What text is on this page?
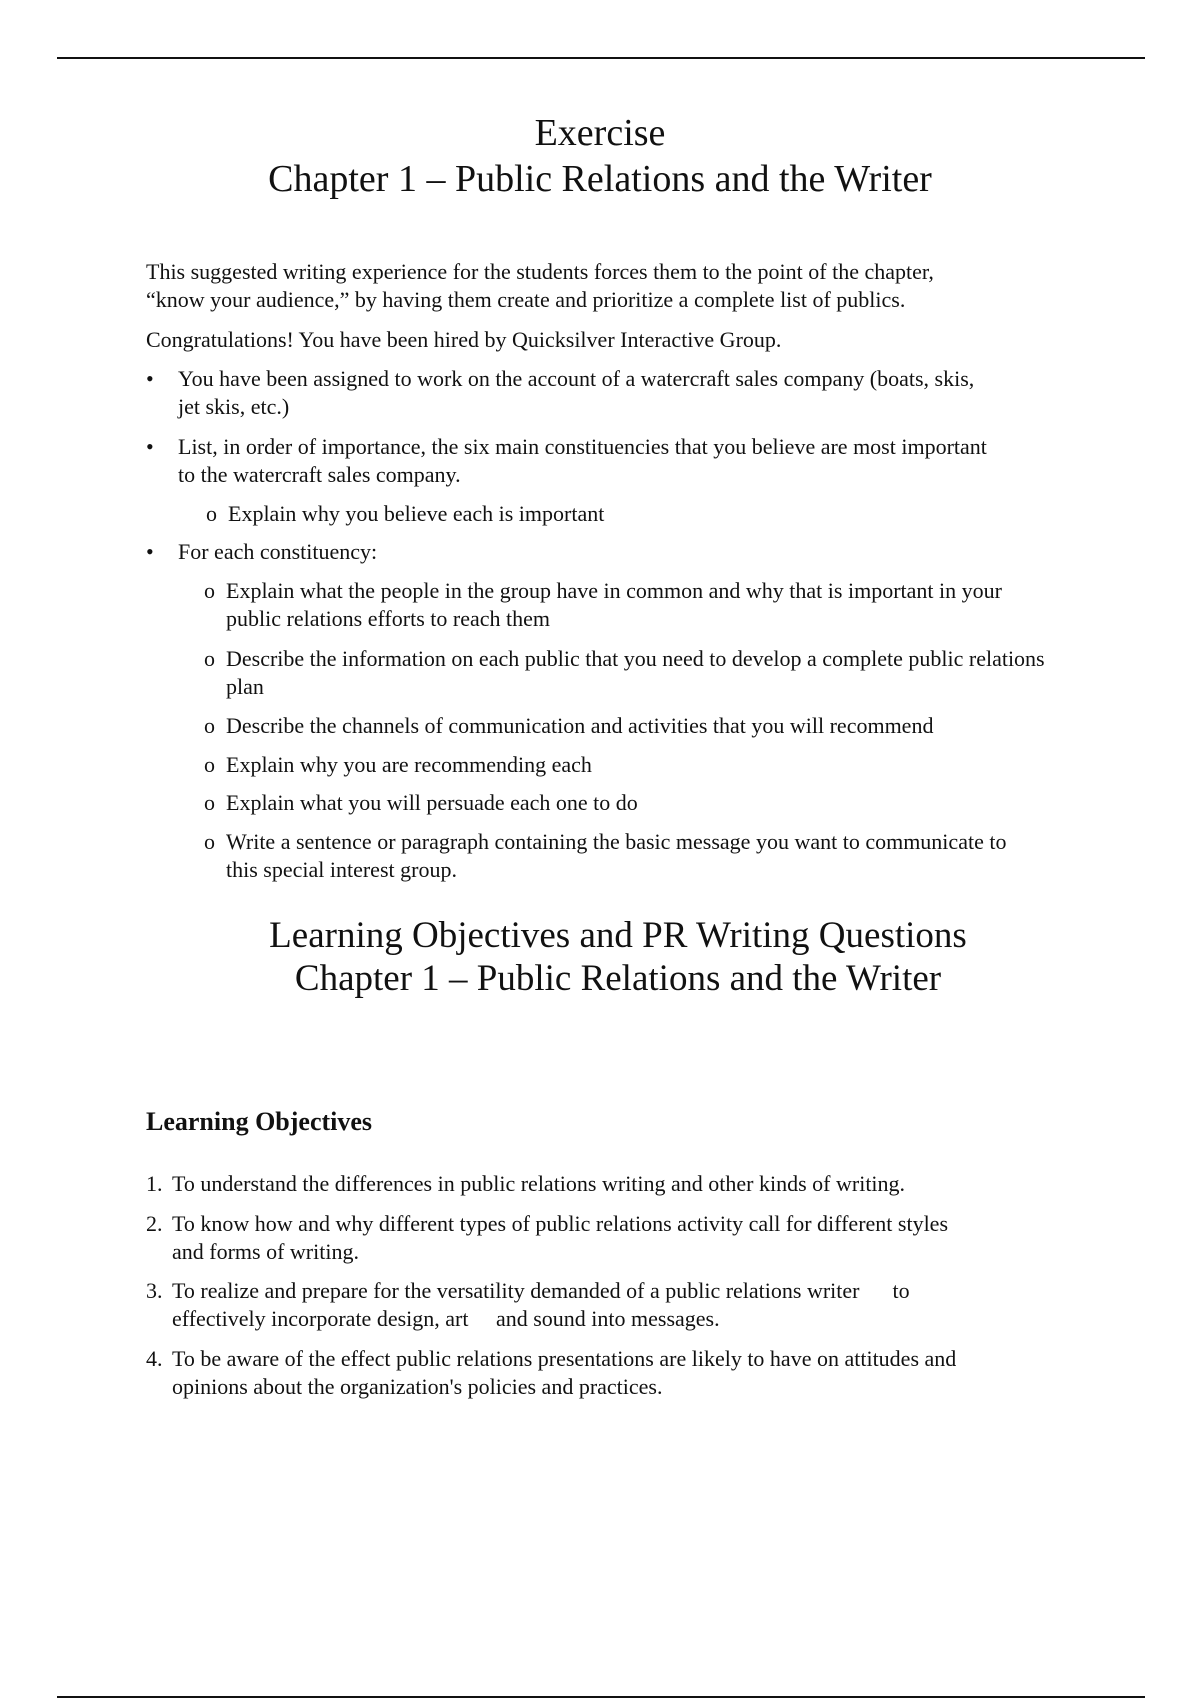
Exercise
Chapter 1 – Public Relations and the Writer

This suggested writing experience for the students forces them to the point of the chapter,

“know your audience,” by having them create and prioritize a complete list of publics.

Congratulations! You have been hired by Quicksilver Interactive Group.

•	You have been assigned to work on the account of a watercraft sales company (boats, skis,
jet skis, etc.)
•	List, in order of importance, the six main constituencies that you believe are most important
to the watercraft sales company.
o Explain why you believe each is important
•	For each constituency:
o Explain what the people in the group have in common and why that is important in your
public relations efforts to reach them
o Describe the information on each public that you need to develop a complete public relations
plan
o Describe the channels of communication and activities that you will recommend
o Explain why you are recommending each
o Explain what you will persuade each one to do
o Write a sentence or paragraph containing the basic message you want to communicate to
this special interest group.
Learning Objectives and PR Writing Questions
Chapter 1 – Public Relations and the Writer
Learning Objectives
1. To understand the differences in public relations writing and other kinds of writing.
2. To know how and why different types of public relations activity call for different styles
and forms of writing.
3. To realize and prepare for the versatility demanded of a public relations writer      to
effectively incorporate design, art     and sound into messages.
4. To be aware of the effect public relations presentations are likely to have on attitudes and
opinions about the organization's policies and practices.
